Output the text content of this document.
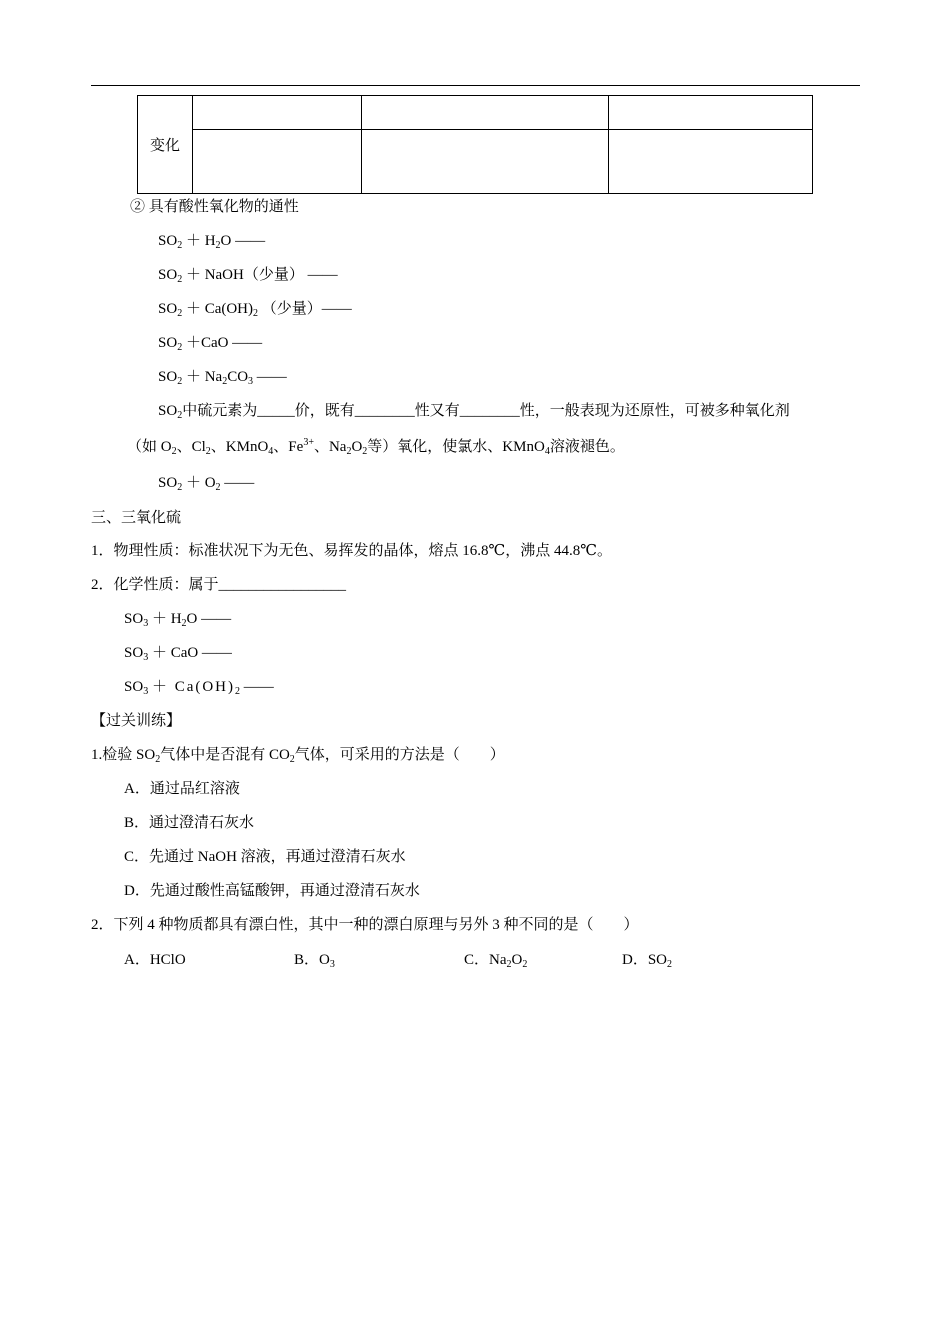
变化			

② 具有酸性氧化物的通性
$SO_2 + H_2O$ ——
$SO_2$ ＋ NaOH（少量） ——
$SO_2 + Ca(OH)_2$ （少量）——
$SO_2 +CaO$ ——
$SO_2 + Na_2CO_3$ ——
$SO_2$中硫元素为_____价，既有________性又有________性，一般表现为还原性，可被多种氧化剂
（如 $O_2$、$Cl_2$、KMnO$_4$、$Fe^{3+}$、$Na_2O_2$等）氧化，使氯水、KMnO$_4$溶液褪色。
$SO_2 + O_2$ ——
三、三氧化硫
1．物理性质：标准状况下为无色、易挥发的晶体，熔点 16.8℃，沸点 44.8℃。
2．化学性质：属于_________________
$SO_3 + H_2O$ ——
$SO_3$ ＋ CaO ——
$SO_3 + Ca(OH)_2$ ——
【过关训练】
1.检验 $SO_2$气体中是否混有 $CO_2$气体，可采用的方法是（　　）
A．通过品红溶液
B．通过澄清石灰水
C．先通过 NaOH 溶液，再通过澄清石灰水
D．先通过酸性高锰酸钾，再通过澄清石灰水
2．下列 4 种物质都具有漂白性，其中一种的漂白原理与另外 3 种不同的是（　　）
A．HClO	B．$O_3$	C．$Na_2O_2$	D．$SO_2$
